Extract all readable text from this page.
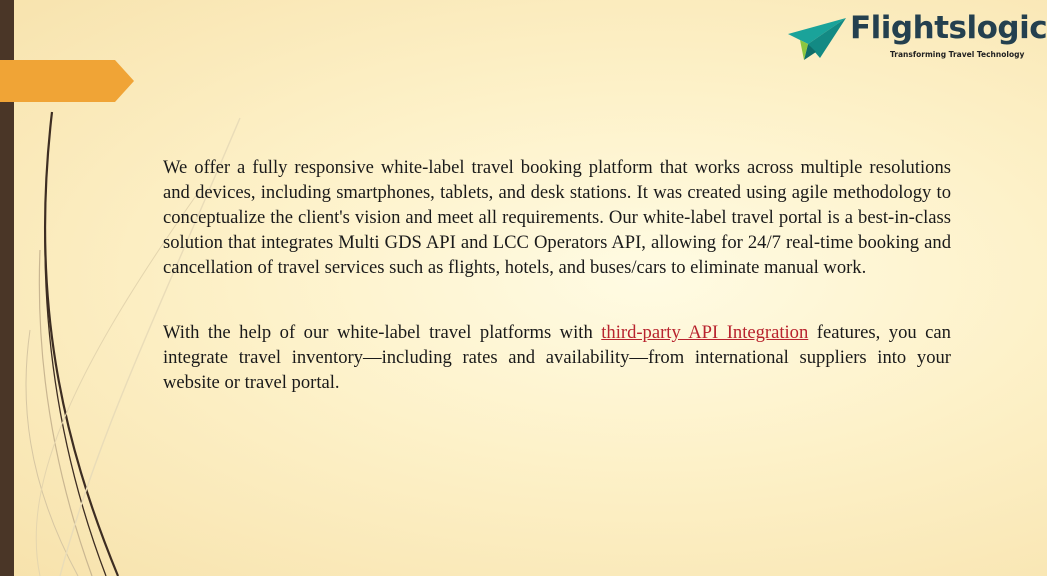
Flightslogic
Transforming Travel Technology

We offer a fully responsive white-label travel booking platform that works across multiple resolutions and devices, including smartphones, tablets, and desk stations. It was created using agile methodology to conceptualize the client's vision and meet all requirements. Our white-label travel portal is a best-in-class solution that integrates Multi GDS API and LCC Operators API, allowing for 24/7 real-time booking and cancellation of travel services such as flights, hotels, and buses/cars to eliminate manual work.

With the help of our white-label travel platforms with third-party API Integration features, you can integrate travel inventory—including rates and availability—from international suppliers into your website or travel portal.
